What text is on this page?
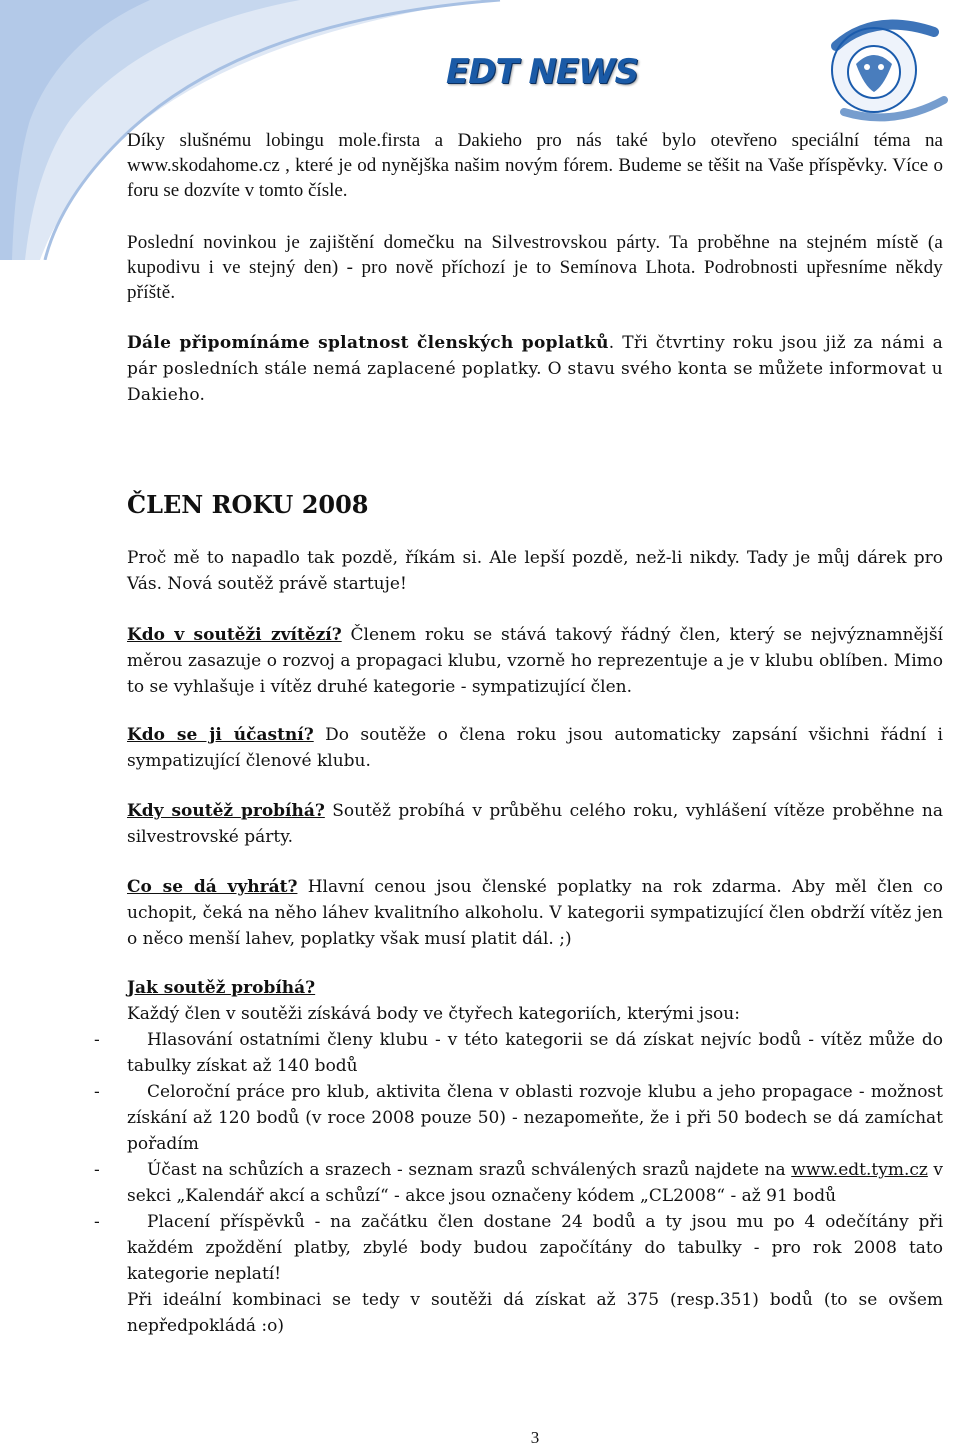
EDT NEWS

Díky slušnému lobingu mole.firsta a Dakieho pro nás také bylo otevřeno speciální téma na www.skodahome.cz , které je od nynějška našim novým fórem. Budeme se těšit na Vaše příspěvky. Více o foru se dozvíte v tomto čísle.

Poslední novinkou je zajištění domečku na Silvestrovskou párty. Ta proběhne na stejném místě (a kupodivu i ve stejný den) - pro nově příchozí je to Semínova Lhota. Podrobnosti upřesníme někdy příště.

Dále připomínáme splatnost členských poplatků. Tři čtvrtiny roku jsou již za námi a pár posledních stále nemá zaplacené poplatky. O stavu svého konta se můžete informovat u Dakieho.

ČLEN ROKU 2008

Proč mě to napadlo tak pozdě, říkám si. Ale lepší pozdě, než-li nikdy. Tady je můj dárek pro Vás. Nová soutěž právě startuje!

Kdo v soutěži zvítězí? Členem roku se stává takový řádný člen, který se nejvýznamnější měrou zasazuje o rozvoj a propagaci klubu, vzorně ho reprezentuje a je v klubu oblíben. Mimo to se vyhlašuje i vítěz druhé kategorie - sympatizující člen.

Kdo se ji účastní? Do soutěže o člena roku jsou automaticky zapsání všichni řádní i sympatizující členové klubu.

Kdy soutěž probíhá? Soutěž probíhá v průběhu celého roku, vyhlášení vítěze proběhne na silvestrovské párty.

Co se dá vyhrát? Hlavní cenou jsou členské poplatky na rok zdarma. Aby měl člen co uchopit, čeká na něho láhev kvalitního alkoholu. V kategorii sympatizující člen obdrží vítěz jen o něco menší lahev, poplatky však musí platit dál. ;)

Jak soutěž probíhá?
Každý člen v soutěži získává body ve čtyřech kategoriích, kterými jsou:

-	Hlasování ostatními členy klubu - v této kategorii se dá získat nejvíc bodů - vítěz může do tabulky získat až 140 bodů

-	Celoroční práce pro klub, aktivita člena v oblasti rozvoje klubu a jeho propagace - možnost získání až 120 bodů (v roce 2008 pouze 50) - nezapomeňte, že i při 50 bodech se dá zamíchat pořadím

-	Účast na schůzích a srazech - seznam srazů schválených srazů najdete na www.edt.tym.cz v sekci „Kalendář akcí a schůzí“ - akce jsou označeny kódem „CL2008“ - až 91 bodů

-	Placení příspěvků - na začátku člen dostane 24 bodů a ty jsou mu po 4 odečítány při každém zpoždění platby, zbylé body budou započítány do tabulky - pro rok 2008 tato kategorie neplatí!

Při ideální kombinaci se tedy v soutěži dá získat až 375 (resp.351) bodů (to se ovšem nepředpokládá :o)

3
